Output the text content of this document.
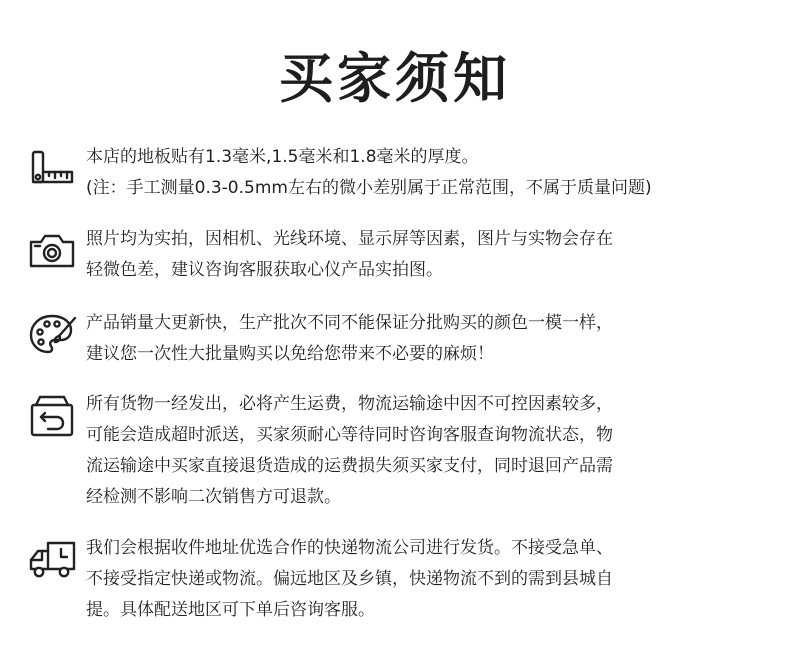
买家须知
本店的地板贴有1.3毫米,1.5毫米和1.8毫米的厚度。
(注：手工测量0.3-0.5mm左右的微小差别属于正常范围，不属于质量问题)
照片均为实拍，因相机、光线环境、显示屏等因素，图片与实物会存在
轻微色差，建议咨询客服获取心仪产品实拍图。
产品销量大更新快，生产批次不同不能保证分批购买的颜色一模一样，
建议您一次性大批量购买以免给您带来不必要的麻烦！
所有货物一经发出，必将产生运费，物流运输途中因不可控因素较多，
可能会造成超时派送，买家须耐心等待同时咨询客服查询物流状态，物
流运输途中买家直接退货造成的运费损失须买家支付，同时退回产品需
经检测不影响二次销售方可退款。
我们会根据收件地址优选合作的快递物流公司进行发货。不接受急单、
不接受指定快递或物流。偏远地区及乡镇，快递物流不到的需到县城自
提。具体配送地区可下单后咨询客服。
